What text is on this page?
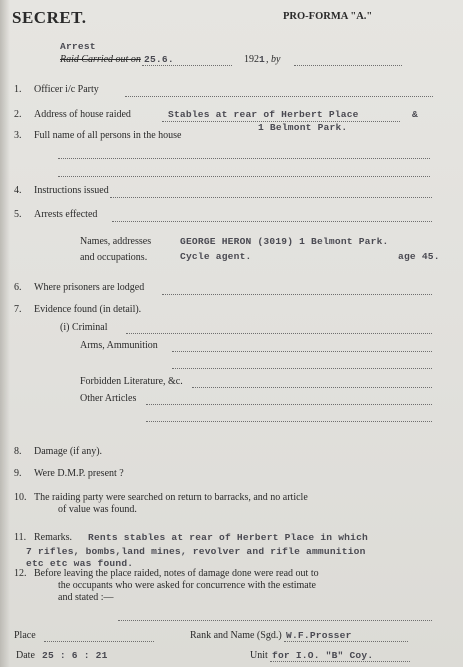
SECRET.	PRO-FORMA "A."
Arrest
Raid Carried out on 25.6.	192 1 , by
1. Officer i/c Party
2. Address of house raided	Stables at rear of Herbert Place	&
1 Belmont Park.
3. Full name of all persons in the house
4. Instructions issued
5. Arrests effected
Names, addresses	GEORGE HERON (3019) 1 Belmont Park.
and occupations.	Cycle agent.	age 45.
6. Where prisoners are lodged
7. Evidence found (in detail).
(i) Criminal
Arms, Ammunition
Forbidden Literature, &c.
Other Articles
8. Damage (if any).
9. Were D.M.P. present ?
10. The raiding party were searched on return to barracks, and no article
of value was found.
11. Remarks. Rents stables at rear of Herbert Place in which
7 rifles, bombs,land mines, revolver and rifle ammunition
etc etc was found.
12. Before leaving the place raided, notes of damage done were read out to
the occupants who were asked for concurrence with the estimate
and stated :—
Place	Rank and Name (Sgd.) W.F.Prosser
Date 25 : 6 : 21	Unit for I.O. "B" Coy.
